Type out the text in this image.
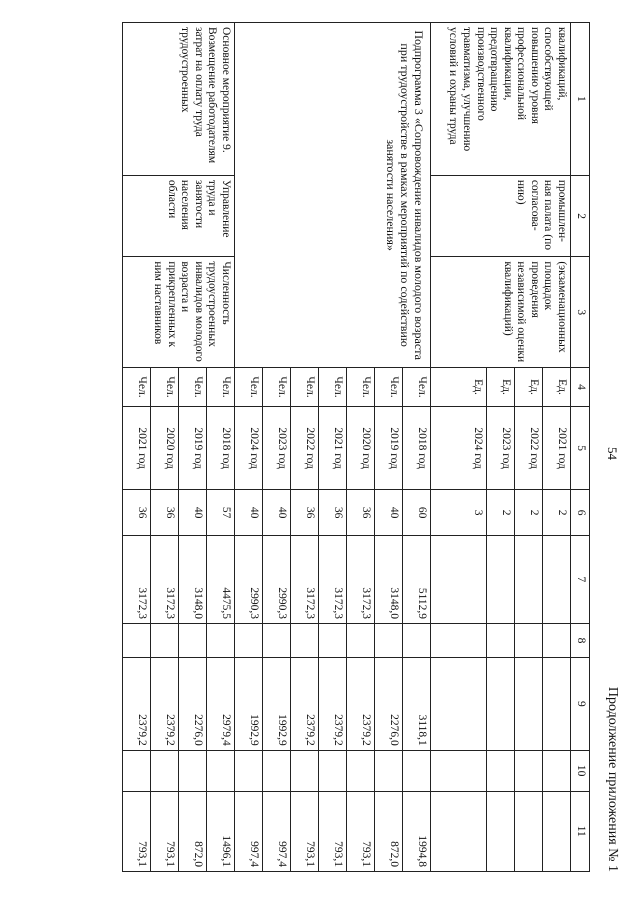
Продолжение приложения № 1
54
1	2	3	4	5	6	7	8	9	10	11
квалификаций, способствующей повышению уровня профессиональной квалификации, предотвращению производственного травматизма, улучшению условий и охраны труда	промышлен-ная палата (по согласова-нию)	(экзаменационных площадок проведения независимой оценки квалификаций)	Ед.	2021 год	2					
			Ед.	2022 год	2					
			Ед.	2023 год	2					
			Ед.	2024 год	3					
Подпрограмма 3 «Сопровождение инвалидов молодого возраста при трудоустройстве в рамках мероприятий по содействию занятости населения»			Чел.	2018 год	60	5112,9		3118,1		1994,8
			Чел.	2019 год	40	3148,0		2276,0		872,0
			Чел.	2020 год	36	3172,3		2379,2		793,1
			Чел.	2021 год	36	3172,3		2379,2		793,1
			Чел.	2022 год	36	3172,3		2379,2		793,1
			Чел.	2023 год	40	2990,3		1992,9		997,4
			Чел.	2024 год	40	2990,3		1992,9		997,4
Основное мероприятие 9. Возмещение работодателям затрат на оплату труда трудоустроенных	Управление труда и занятости населения области	Численность трудоустроенных инвалидов молодого возраста и прикрепленных к ним наставников	Чел.	2018 год	57	4475,5		2979,4		1496,1
			Чел.	2019 год	40	3148,0		2276,0		872,0
			Чел.	2020 год	36	3172,3		2379,2		793,1
			Чел.	2021 год	36	3172,3		2379,2		793,1
